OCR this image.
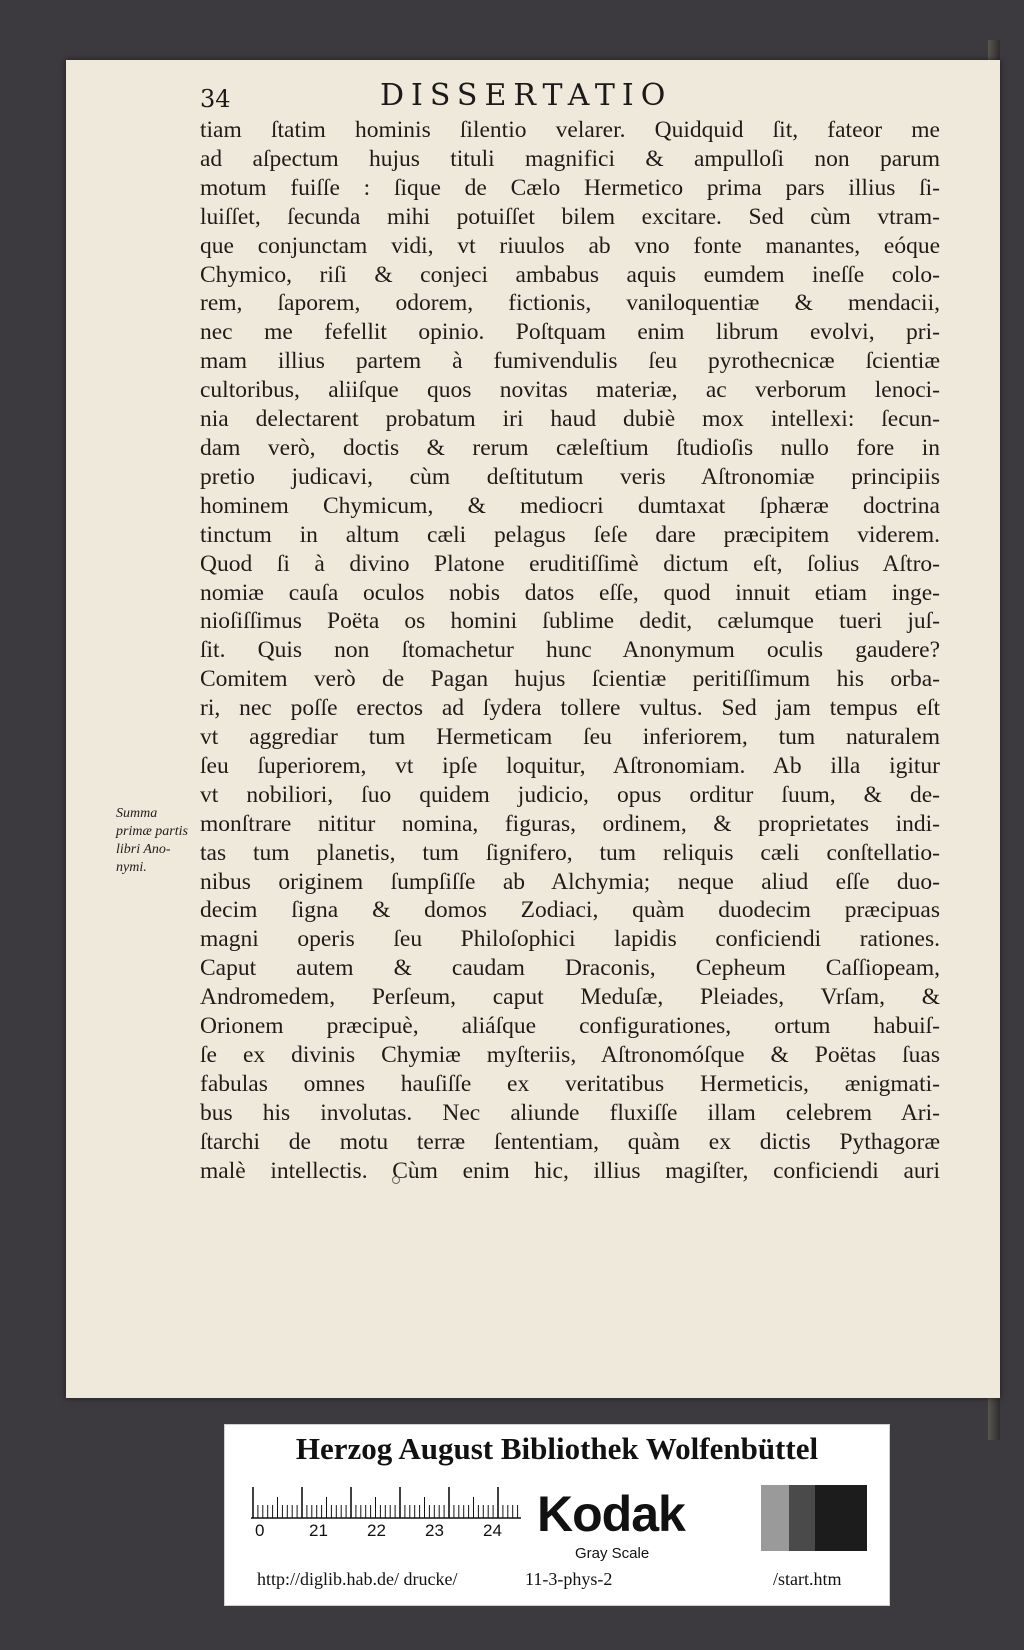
34	DISSERTATIO
tiam ſtatim hominis ſilentio velarer. Quidquid ſit, fateor me
ad aſpectum hujus tituli magnifici & ampulloſi non parum
motum fuiſſe : ſique de Cælo Hermetico prima pars illius ſi-
luiſſet, ſecunda mihi potuiſſet bilem excitare. Sed cùm vtram-
que conjunctam vidi, vt riuulos ab vno fonte manantes, eóque
Chymico, riſi & conjeci ambabus aquis eumdem ineſſe colo-
rem, ſaporem, odorem, fictionis, vaniloquentiæ & mendacii,
nec me fefellit opinio. Poſtquam enim librum evolvi, pri-
mam illius partem à fumivendulis ſeu pyrothecnicæ ſcientiæ
cultoribus, aliiſque quos novitas materiæ, ac verborum lenoci-
nia delectarent probatum iri haud dubiè mox intellexi: ſecun-
dam verò, doctis & rerum cæleſtium ſtudioſis nullo fore in
pretio judicavi, cùm deſtitutum veris Aſtronomiæ principiis
hominem Chymicum, & mediocri dumtaxat ſphæræ doctrina
tinctum in altum cæli pelagus ſeſe dare præcipitem viderem.
Quod ſi à divino Platone eruditiſſimè dictum eſt, ſolius Aſtro-
nomiæ cauſa oculos nobis datos eſſe, quod innuit etiam inge-
nioſiſſimus Poëta os homini ſublime dedit, cælumque tueri juſ-
ſit. Quis non ſtomachetur hunc Anonymum oculis gaudere?
Comitem verò de Pagan hujus ſcientiæ peritiſſimum his orba-
ri, nec poſſe erectos ad ſydera tollere vultus. Sed jam tempus eſt
vt aggrediar tum Hermeticam ſeu inferiorem, tum naturalem
ſeu ſuperiorem, vt ipſe loquitur, Aſtronomiam. Ab illa igitur
vt nobiliori, ſuo quidem judicio, opus orditur ſuum, & de-
monſtrare nititur nomina, figuras, ordinem, & proprietates indi-
tas tum planetis, tum ſignifero, tum reliquis cæli conſtellatio-
nibus originem ſumpſiſſe ab Alchymia; neque aliud eſſe duo-
decim ſigna & domos Zodiaci, quàm duodecim præcipuas
magni operis ſeu Philoſophici lapidis conficiendi rationes.
Caput autem & caudam Draconis, Cepheum Caſſiopeam,
Andromedem, Perſeum, caput Meduſæ, Pleiades, Vrſam, &
Orionem præcipuè, aliáſque configurationes, ortum habuiſ-
ſe ex divinis Chymiæ myſteriis, Aſtronomóſque & Poëtas ſuas
fabulas omnes hauſiſſe ex veritatibus Hermeticis, ænigmati-
bus his involutas. Nec aliunde fluxiſſe illam celebrem Ari-
ſtarchi de motu terræ ſententiam, quàm ex dictis Pythagoræ
malè intellectis. Cùm enim hic, illius magiſter, conficiendi auri
Summa
primæ partis
libri Ano-
nymi.

Herzog August Bibliothek Wolfenbüttel

0	21 22 23 24 Kodak

Gray Scale
http://diglib.hab.de/ drucke/	11-3-phys-2	/start.htm
